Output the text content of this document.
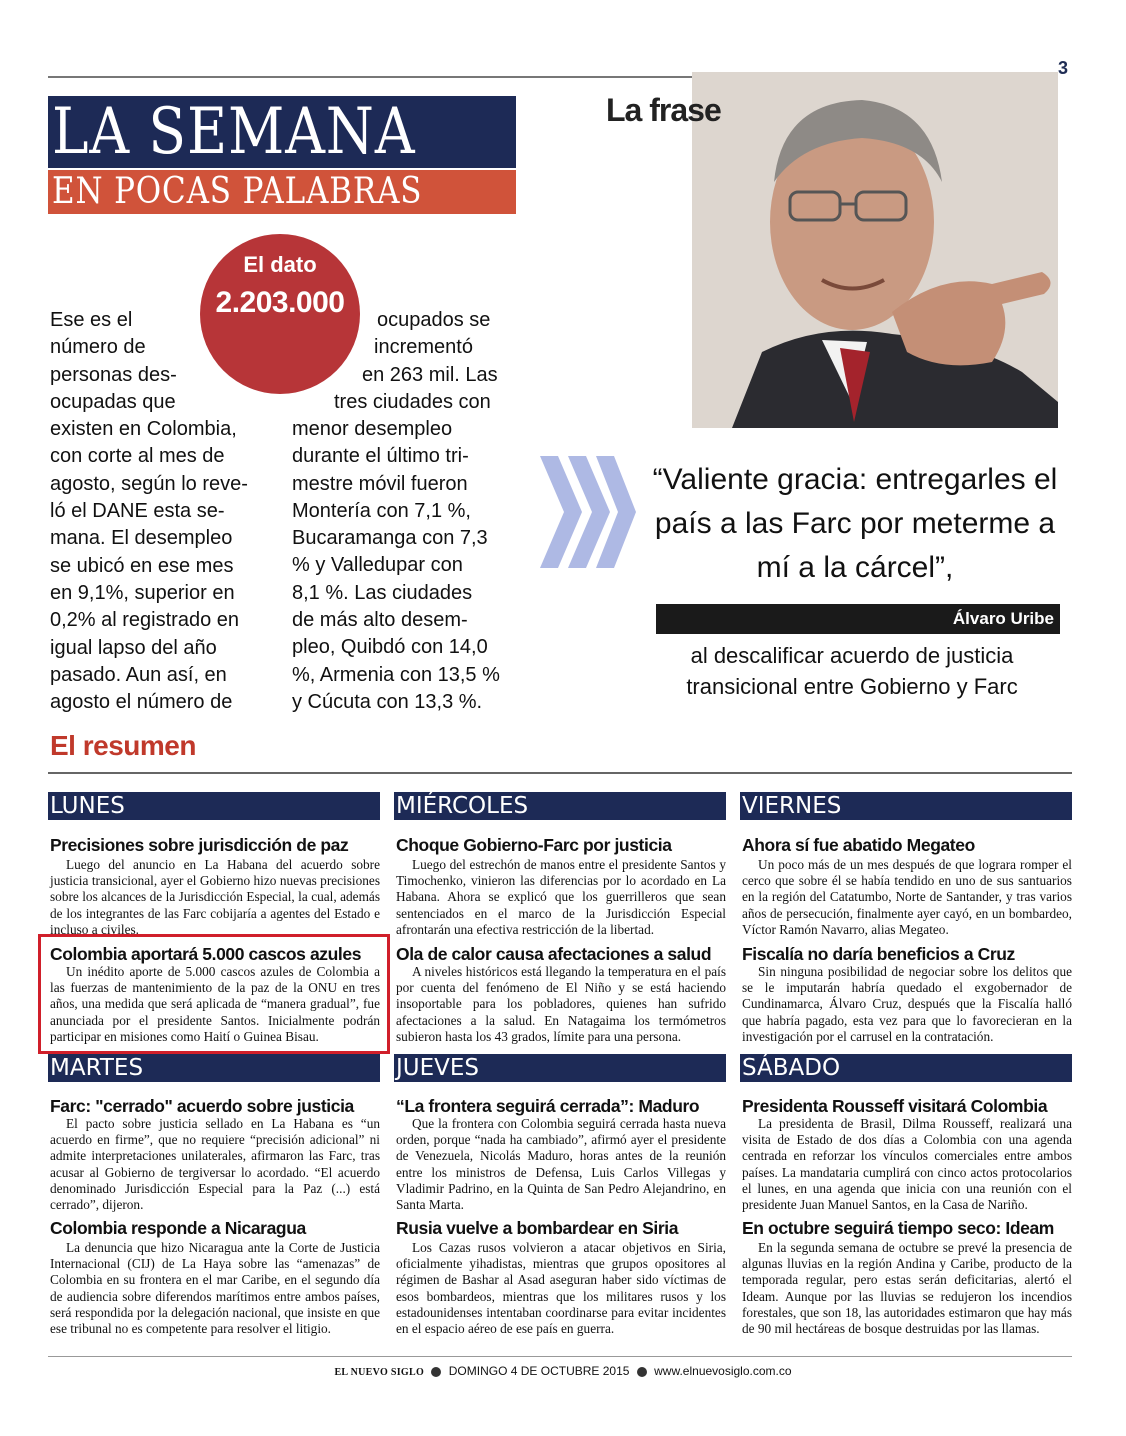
3
LA SEMANA
EN POCAS PALABRAS
El dato
2.203.000
Ese es el
número de
personas des-
ocupadas que
existen en Colombia,
con corte al mes de
agosto, según lo reve-
ló el DANE esta se-
mana. El desempleo
se ubicó en ese mes
en 9,1%, superior en
0,2% al registrado en
igual lapso del año
pasado. Aun así, en
agosto el número de
ocupados se
incrementó
en 263 mil. Las
tres ciudades con
menor desempleo
durante el último tri-
mestre móvil fueron
Montería con 7,1 %,
Bucaramanga con 7,3
% y Valledupar con
8,1 %. Las ciudades
de más alto desem-
pleo, Quibdó con 14,0
%, Armenia con 13,5 %
y Cúcuta con 13,3 %.
La frase
“Valiente gracia: entregarles el país a las Farc por meterme a mí a la cárcel”,
Álvaro Uribe
al descalificar acuerdo de justicia transicional entre Gobierno y Farc
El resumen
LUNES
Precisiones sobre jurisdicción de paz
Luego del anuncio en La Habana del acuerdo sobre justicia transicional, ayer el Gobierno hizo nuevas precisiones sobre los alcances de la Jurisdicción Especial, la cual, además de los integrantes de las Farc cobijaría a agentes del Estado e incluso a civiles.
Colombia aportará 5.000 cascos azules
Un inédito aporte de 5.000 cascos azules de Colombia a las fuerzas de mantenimiento de la paz de la ONU en tres años, una medida que será aplicada de “manera gradual”, fue anunciada por el presidente Santos. Inicialmente podrán participar en misiones como Haití o Guinea Bisau.
MARTES
Farc: "cerrado" acuerdo sobre justicia
El pacto sobre justicia sellado en La Habana es “un acuerdo en firme”, que no requiere “precisión adicional” ni admite interpretaciones unilaterales, afirmaron las Farc, tras acusar al Gobierno de tergiversar lo acordado. “El acuerdo denominado Jurisdicción Especial para la Paz (...) está cerrado”, dijeron.
Colombia responde a Nicaragua
La denuncia que hizo Nicaragua ante la Corte de Justicia Internacional (CIJ) de La Haya sobre las “amenazas” de Colombia en su frontera en el mar Caribe, en el segundo día de audiencia sobre diferendos marítimos entre ambos países, será respondida por la delegación nacional, que insiste en que ese tribunal no es competente para resolver el litigio.
MIÉRCOLES
Choque Gobierno-Farc por justicia
Luego del estrechón de manos entre el presidente Santos y Timochenko, vinieron las diferencias por lo acordado en La Habana. Ahora se explicó que los guerrilleros que sean sentenciados en el marco de la Jurisdicción Especial afrontarán una efectiva restricción de la libertad.
Ola de calor causa afectaciones a salud
A niveles históricos está llegando la temperatura en el país por cuenta del fenómeno de El Niño y se está haciendo insoportable para los pobladores, quienes han sufrido afectaciones a la salud. En Natagaima los termómetros subieron hasta los 43 grados, límite para una persona.
JUEVES
“La frontera seguirá cerrada”: Maduro
Que la frontera con Colombia seguirá cerrada hasta nueva orden, porque “nada ha cambiado”, afirmó ayer el presidente de Venezuela, Nicolás Maduro, horas antes de la reunión entre los ministros de Defensa, Luis Carlos Villegas y Vladimir Padrino, en la Quinta de San Pedro Alejandrino, en Santa Marta.
Rusia vuelve a bombardear en Siria
Los Cazas rusos volvieron a atacar objetivos en Siria, oficialmente yihadistas, mientras que grupos opositores al régimen de Bashar al Asad aseguran haber sido víctimas de esos bombardeos, mientras que los militares rusos y los estadounidenses intentaban coordinarse para evitar incidentes en el espacio aéreo de ese país en guerra.
VIERNES
Ahora sí fue abatido Megateo
Un poco más de un mes después de que lograra romper el cerco que sobre él se había tendido en uno de sus santuarios en la región del Catatumbo, Norte de Santander, y tras varios años de persecución, finalmente ayer cayó, en un bombardeo, Víctor Ramón Navarro, alias Megateo.
Fiscalía no daría beneficios a Cruz
Sin ninguna posibilidad de negociar sobre los delitos que se le imputarán habría quedado el exgobernador de Cundinamarca, Álvaro Cruz, después que la Fiscalía halló que habría pagado, esta vez para que lo favorecieran en la investigación por el carrusel en la contratación.
SÁBADO
Presidenta Rousseff visitará Colombia
La presidenta de Brasil, Dilma Rousseff, realizará una visita de Estado de dos días a Colombia con una agenda centrada en reforzar los vínculos comerciales entre ambos países. La mandataria cumplirá con cinco actos protocolarios el lunes, en una agenda que inicia con una reunión con el presidente Juan Manuel Santos, en la Casa de Nariño.
En octubre seguirá tiempo seco: Ideam
En la segunda semana de octubre se prevé la presencia de algunas lluvias en la región Andina y Caribe, producto de la temporada regular, pero estas serán deficitarias, alertó el Ideam. Aunque por las lluvias se redujeron los incendios forestales, que son 18, las autoridades estimaron que hay más de 90 mil hectáreas de bosque destruidas por las llamas.
EL NUEVO SIGLO DOMINGO 4 DE OCTUBRE 2015 www.elnuevosiglo.com.co
